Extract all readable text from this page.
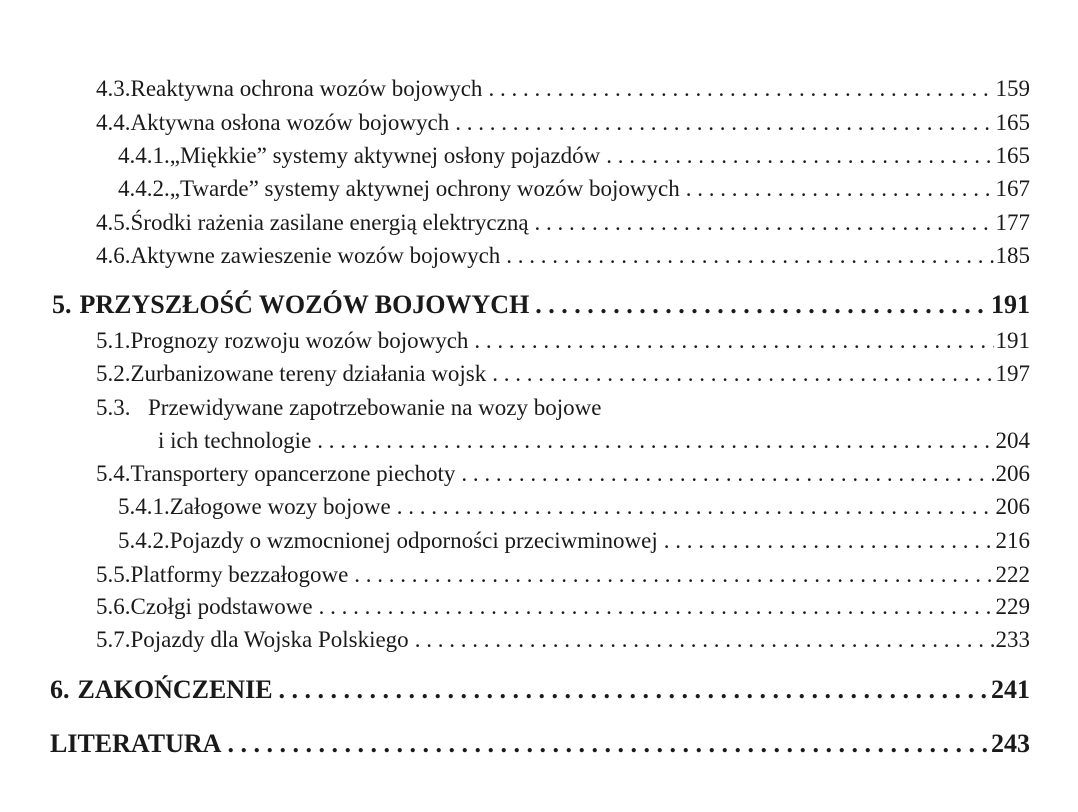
4.3. Reaktywna ochrona wozów bojowych . . .	159
4.4. Aktywna osłona wozów bojowych . . .	165
4.4.1. „Miękkie” systemy aktywnej osłony pojazdów . . .	165
4.4.2. „Twarde” systemy aktywnej ochrony wozów bojowych . . .	167
4.5. Środki rażenia zasilane energią elektryczną . . .	177
4.6. Aktywne zawieszenie wozów bojowych . . .	185
5. PRZYSZŁOŚĆ WOZÓW BOJOWYCH . . .	191
5.1. Prognozy rozwoju wozów bojowych . . .	191
5.2. Zurbanizowane tereny działania wojsk . . .	197
5.3. Przewidywane zapotrzebowanie na wozy bojowe
i ich technologie . . .	204
5.4. Transportery opancerzone piechoty . . .	206
5.4.1. Załogowe wozy bojowe . . .	206
5.4.2. Pojazdy o wzmocnionej odporności przeciwminowej . . .	216
5.5. Platformy bezzałogowe . . .	222
5.6. Czołgi podstawowe . . .	229
5.7. Pojazdy dla Wojska Polskiego . . .	233
6. ZAKOŃCZENIE . . .	241
LITERATURA . . .	243
